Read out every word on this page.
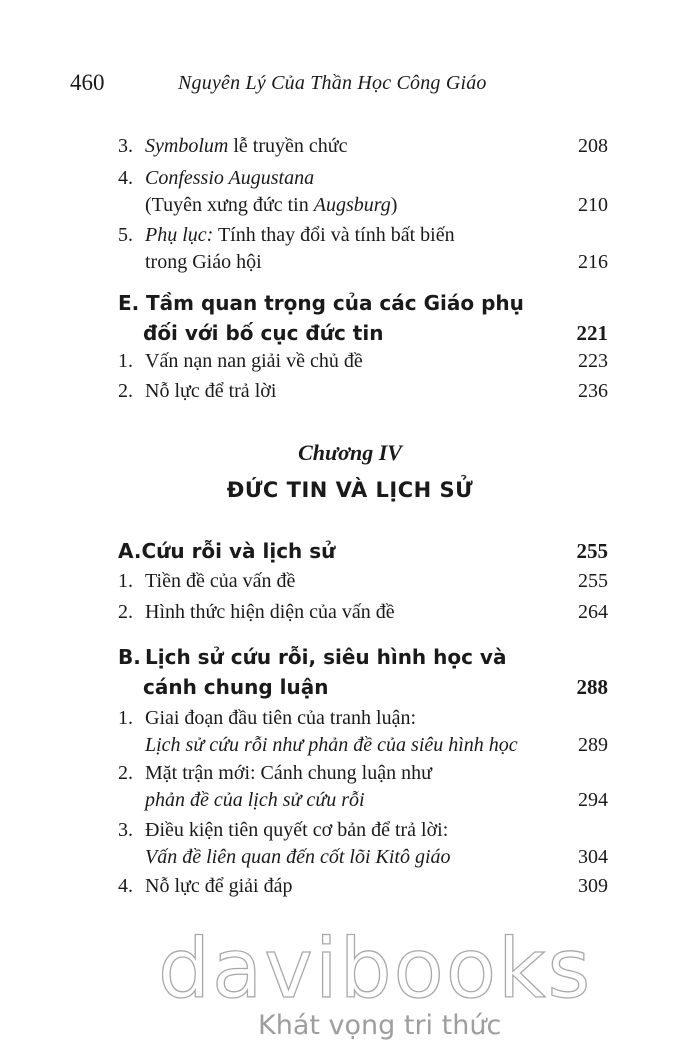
460	Nguyên Lý Của Thần Học Công Giáo
3. Symbolum lễ truyền chức	208
4. Confessio Augustana
(Tuyên xưng đức tin Augsburg)	210
5. Phụ lục: Tính thay đổi và tính bất biến
trong Giáo hội	216
E. Tầm quan trọng của các Giáo phụ
đối với bố cục đức tin	221
1. Vấn nạn nan giải về chủ đề	223
2. Nỗ lực để trả lời	236
Chương IV
ĐỨC TIN VÀ LỊCH SỬ
A.Cứu rỗi và lịch sử	255
1. Tiền đề của vấn đề	255
2. Hình thức hiện diện của vấn đề	264
B. Lịch sử cứu rỗi, siêu hình học và
cánh chung luận	288
1. Giai đoạn đầu tiên của tranh luận:
Lịch sử cứu rỗi như phản đề của siêu hình học	289
2. Mặt trận mới: Cánh chung luận như
phản đề của lịch sử cứu rỗi	294
3. Điều kiện tiên quyết cơ bản để trả lời:
Vấn đề liên quan đến cốt lõi Kitô giáo	304
4. Nỗ lực để giải đáp	309
davibooks
Khát vọng tri thức
